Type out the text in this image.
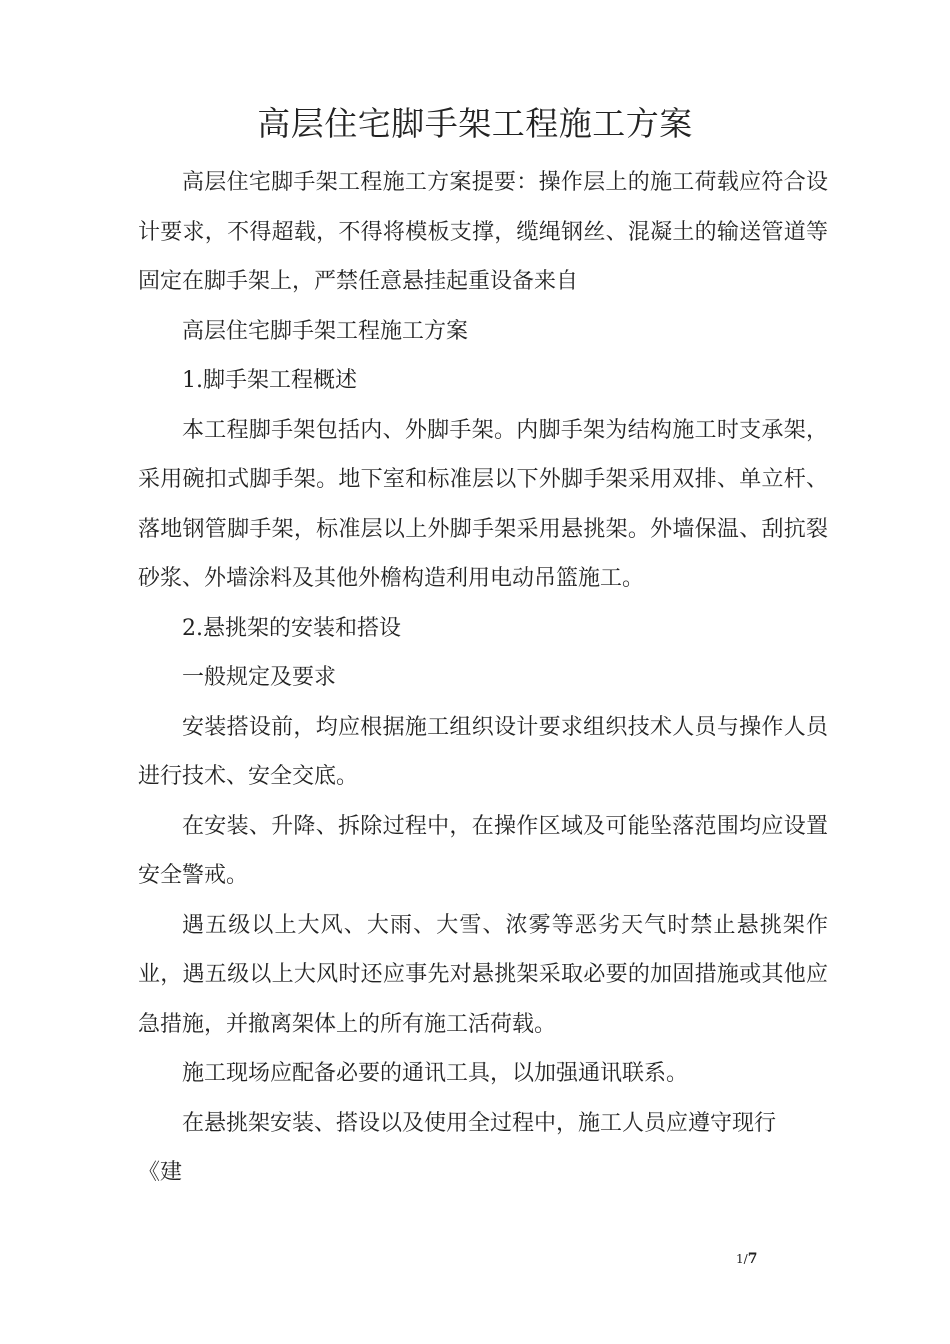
高层住宅脚手架工程施工方案

高层住宅脚手架工程施工方案提要：操作层上的施工荷载应符合设计要求，不得超载，不得将模板支撑，缆绳钢丝、混凝土的输送管道等固定在脚手架上，严禁任意悬挂起重设备来自

高层住宅脚手架工程施工方案

1.脚手架工程概述

本工程脚手架包括内、外脚手架。内脚手架为结构施工时支承架，采用碗扣式脚手架。地下室和标准层以下外脚手架采用双排、单立杆、落地钢管脚手架，标准层以上外脚手架采用悬挑架。外墙保温、刮抗裂砂浆、外墙涂料及其他外檐构造利用电动吊篮施工。

2.悬挑架的安装和搭设

一般规定及要求

安装搭设前，均应根据施工组织设计要求组织技术人员与操作人员进行技术、安全交底。

在安装、升降、拆除过程中，在操作区域及可能坠落范围均应设置安全警戒。

遇五级以上大风、大雨、大雪、浓雾等恶劣天气时禁止悬挑架作业，遇五级以上大风时还应事先对悬挑架采取必要的加固措施或其他应急措施，并撤离架体上的所有施工活荷载。

施工现场应配备必要的通讯工具，以加强通讯联系。

在悬挑架安装、搭设以及使用全过程中，施工人员应遵守现行

《建

1/7
